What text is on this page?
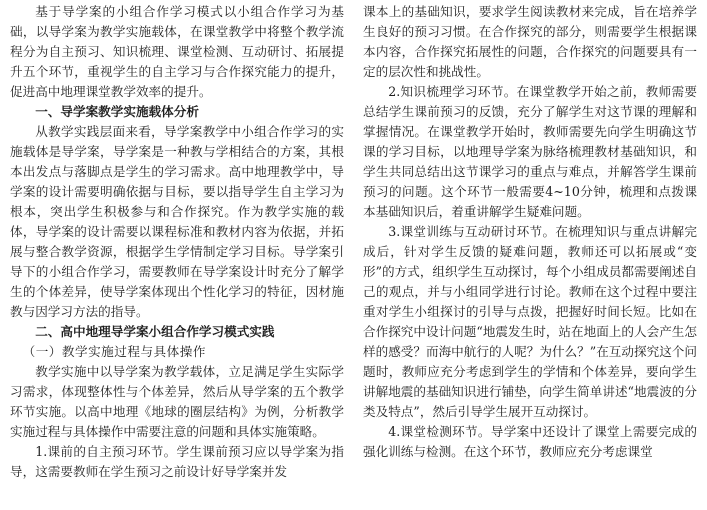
基于导学案的小组合作学习模式以小组合作学习为基础，以导学案为教学实施载体，在课堂教学中将整个教学流程分为自主预习、知识梳理、课堂检测、互动研讨、拓展提升五个环节，重视学生的自主学习与合作探究能力的提升，促进高中地理课堂教学效率的提升。

一、导学案教学实施载体分析

从教学实践层面来看，导学案教学中小组合作学习的实施载体是导学案，导学案是一种教与学相结合的方案，其根本出发点与落脚点是学生的学习需求。高中地理教学中，导学案的设计需要明确依据与目标，要以指导学生自主学习为根本，突出学生积极参与和合作探究。作为教学实施的载体，导学案的设计需要以课程标准和教材内容为依据，并拓展与整合教学资源，根据学生学情制定学习目标。导学案引导下的小组合作学习，需要教师在导学案设计时充分了解学生的个体差异，使导学案体现出个性化学习的特征，因材施教与因学习方法的指导。

二、高中地理导学案小组合作学习模式实践
（一）教学实施过程与具体操作

教学实施中以导学案为教学载体，立足满足学生实际学习需求，体现整体性与个体差异，然后从导学案的五个教学环节实施。以高中地理《地球的圈层结构》为例，分析教学实施过程与具体操作中需要注意的问题和具体实施策略。

1.课前的自主预习环节。学生课前预习应以导学案为指导，这需要教师在学生预习之前设计好导学案并发

课本上的基础知识，要求学生阅读教材来完成，旨在培养学生良好的预习习惯。在合作探究的部分，则需要学生根据课本内容，合作探究拓展性的问题，合作探究的问题要具有一定的层次性和挑战性。

2.知识梳理学习环节。在课堂教学开始之前，教师需要总结学生课前预习的反馈，充分了解学生对这节课的理解和掌握情况。在课堂教学开始时，教师需要先向学生明确这节课的学习目标，以地理导学案为脉络梳理教材基础知识，和学生共同总结出这节课学习的重点与难点，并解答学生课前预习的问题。这个环节一般需要4~10分钟，梳理和点拨课本基础知识后，着重讲解学生疑难问题。

3.课堂训练与互动研讨环节。在梳理知识与重点讲解完成后，针对学生反馈的疑难问题，教师还可以拓展或“变形”的方式，组织学生互动探讨，每个小组成员都需要阐述自己的观点，并与小组同学进行讨论。教师在这个过程中要注重对学生小组探讨的引导与点拨，把握好时间长短。比如在合作探究中设计问题“地震发生时，站在地面上的人会产生怎样的感受？而海中航行的人呢？为什么？”在互动探究这个问题时，教师应充分考虑到学生的学情和个体差异，要向学生讲解地震的基础知识进行铺垫，向学生简单讲述“地震波的分类及特点”，然后引导学生展开互动探讨。

4.课堂检测环节。导学案中还设计了课堂上需要完成的强化训练与检测。在这个环节，教师应充分考虑课堂
